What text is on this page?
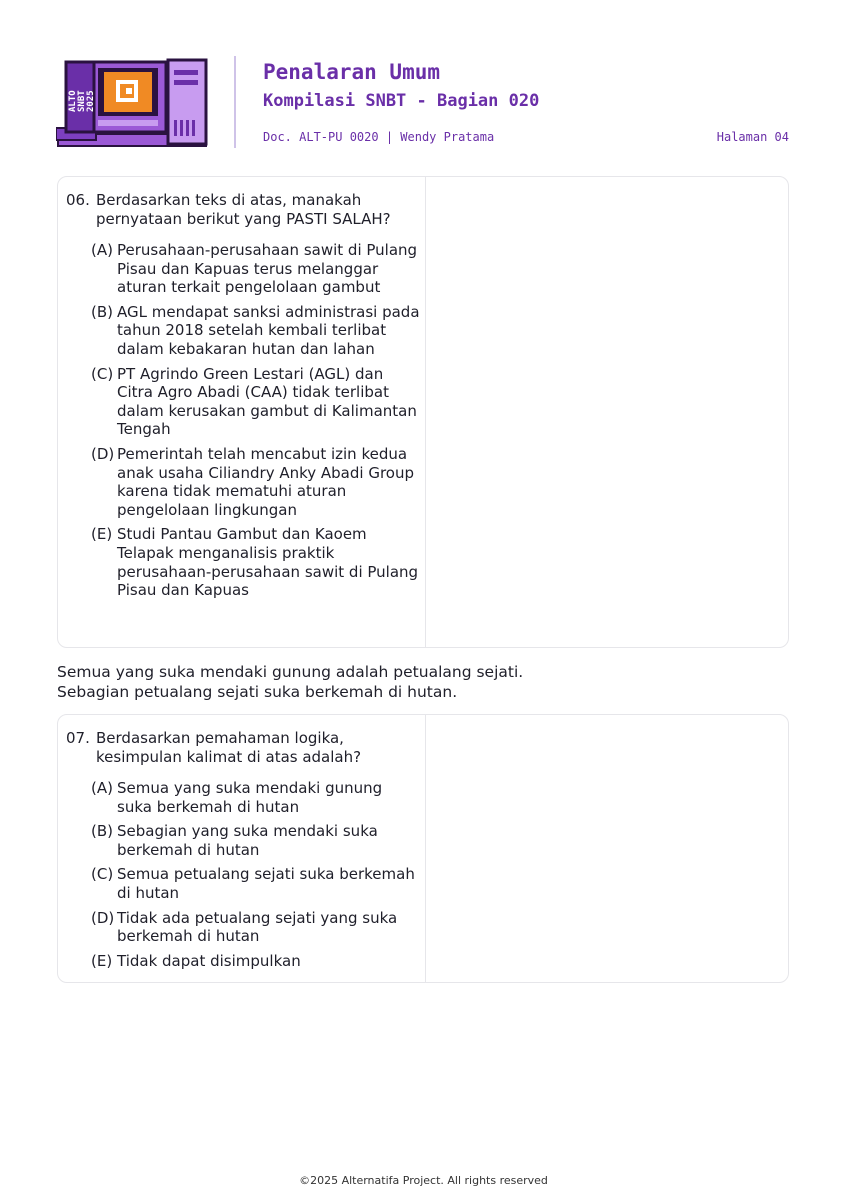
ALTO SNBT 2025
Penalaran Umum
Kompilasi SNBT - Bagian 020
Doc. ALT-PU 0020 | Wendy Pratama	Halaman 04
06. Berdasarkan teks di atas, manakah pernyataan berikut yang PASTI SALAH?
(A) Perusahaan-perusahaan sawit di Pulang Pisau dan Kapuas terus melanggar aturan terkait pengelolaan gambut
(B) AGL mendapat sanksi administrasi pada tahun 2018 setelah kembali terlibat dalam kebakaran hutan dan lahan
(C) PT Agrindo Green Lestari (AGL) dan Citra Agro Abadi (CAA) tidak terlibat dalam kerusakan gambut di Kalimantan Tengah
(D) Pemerintah telah mencabut izin kedua anak usaha Ciliandry Anky Abadi Group karena tidak mematuhi aturan pengelolaan lingkungan
(E) Studi Pantau Gambut dan Kaoem Telapak menganalisis praktik perusahaan-perusahaan sawit di Pulang Pisau dan Kapuas
Semua yang suka mendaki gunung adalah petualang sejati.
Sebagian petualang sejati suka berkemah di hutan.
07. Berdasarkan pemahaman logika, kesimpulan kalimat di atas adalah?
(A) Semua yang suka mendaki gunung suka berkemah di hutan
(B) Sebagian yang suka mendaki suka berkemah di hutan
(C) Semua petualang sejati suka berkemah di hutan
(D) Tidak ada petualang sejati yang suka berkemah di hutan
(E) Tidak dapat disimpulkan
©2025 Alternatifa Project. All rights reserved
